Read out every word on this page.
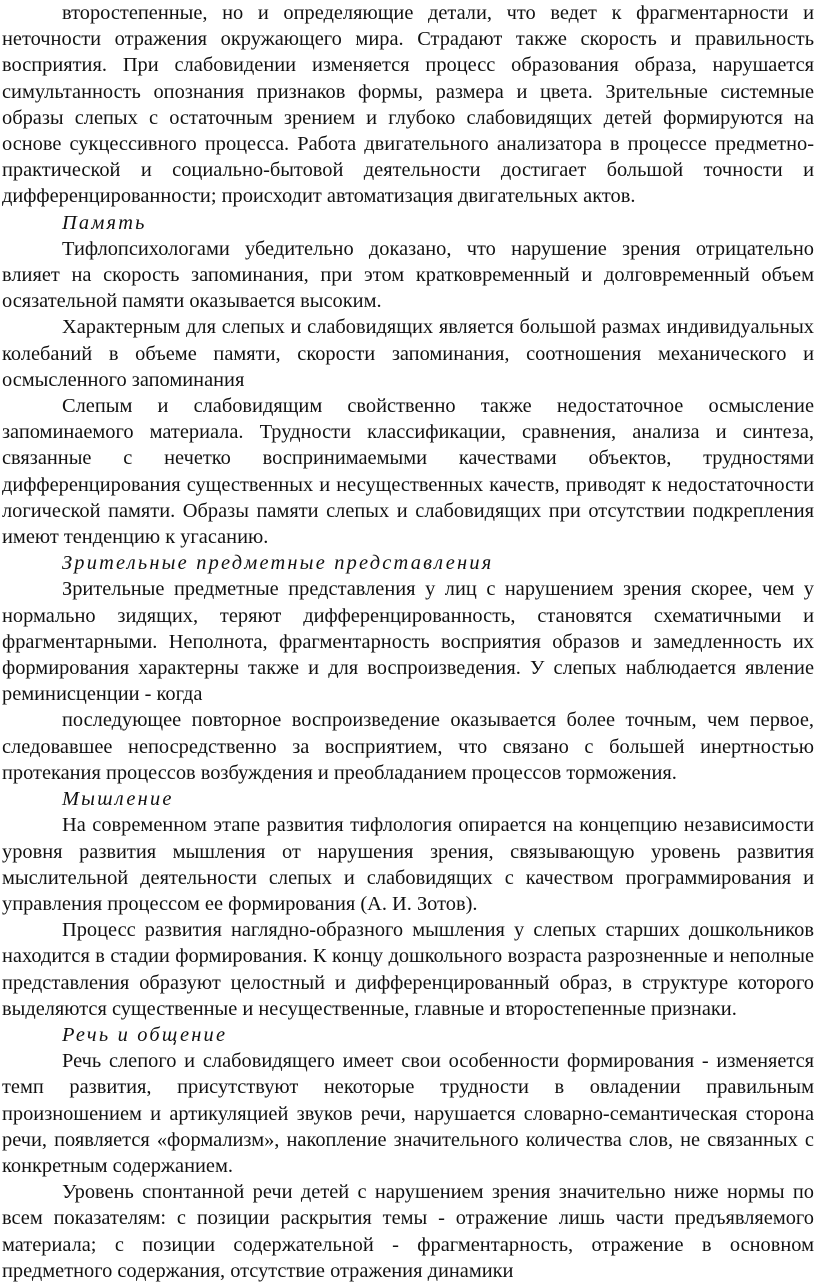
второстепенные, но и определяющие детали, что ведет к фрагментарности и неточности отражения окружающего мира. Страдают также скорость и правильность восприятия. При слабовидении изменяется процесс образования образа, нарушается симультанность опознания признаков формы, размера и цвета. Зрительные системные образы слепых с остаточным зрением и глубоко слабовидящих детей формируются на основе сукцессивного процесса. Работа двигательного анализатора в процессе предметно-практической и социально-бытовой деятельности достигает большой точности и дифференцированности; происходит автоматизация двигательных актов.

Память

Тифлопсихологами убедительно доказано, что нарушение зрения отрицательно влияет на скорость запоминания, при этом кратковременный и долговременный объем осязательной памяти оказывается высоким.

Характерным для слепых и слабовидящих является большой размах индивидуальных колебаний в объеме памяти, скорости запоминания, соотношения механического и осмысленного запоминания

Слепым и слабовидящим свойственно также недостаточное осмысление запоминаемого материала. Трудности классификации, сравнения, анализа и синтеза, связанные с нечетко воспринимаемыми качествами объектов, трудностями дифференцирования существенных и несущественных качеств, приводят к недостаточности логической памяти. Образы памяти слепых и слабовидящих при отсутствии подкрепления имеют тенденцию к угасанию.

Зрительные предметные представления

Зрительные предметные представления у лиц с нарушением зрения скорее, чем у нормально зидящих, теряют дифференцированность, становятся схематичными и фрагментарными. Неполнота, фрагментарность восприятия образов и замедленность их формирования характерны также и для воспроизведения. У слепых наблюдается явление реминисценции - когда

последующее повторное воспроизведение оказывается более точным, чем первое, следовавшее непосредственно за восприятием, что связано с большей инертностью протекания процессов возбуждения и преобладанием процессов торможения.

Мышление

На современном этапе развития тифлология опирается на концепцию независимости уровня развития мышления от нарушения зрения, связывающую уровень развития мыслительной деятельности слепых и слабовидящих с качеством программирования и управления процессом ее формирования (А. И. Зотов).

Процесс развития наглядно-образного мышления у слепых старших дошкольников находится в стадии формирования. К концу дошкольного возраста разрозненные и неполные представления образуют целостный и дифференцированный образ, в структуре которого выделяются существенные и несущественные, главные и второстепенные признаки.

Речь и общение

Речь слепого и слабовидящего имеет свои особенности формирования - изменяется темп развития, присутствуют некоторые трудности в овладении правильным произношением и артикуляцией звуков речи, нарушается словарно-семантическая сторона речи, появляется «формализм», накопление значительного количества слов, не связанных с конкретным содержанием.

Уровень спонтанной речи детей с нарушением зрения значительно ниже нормы по всем показателям: с позиции раскрытия темы - отражение лишь части предъявляемого материала; с позиции содержательной - фрагментарность, отражение в основном предметного содержания, отсутствие отражения динамики
